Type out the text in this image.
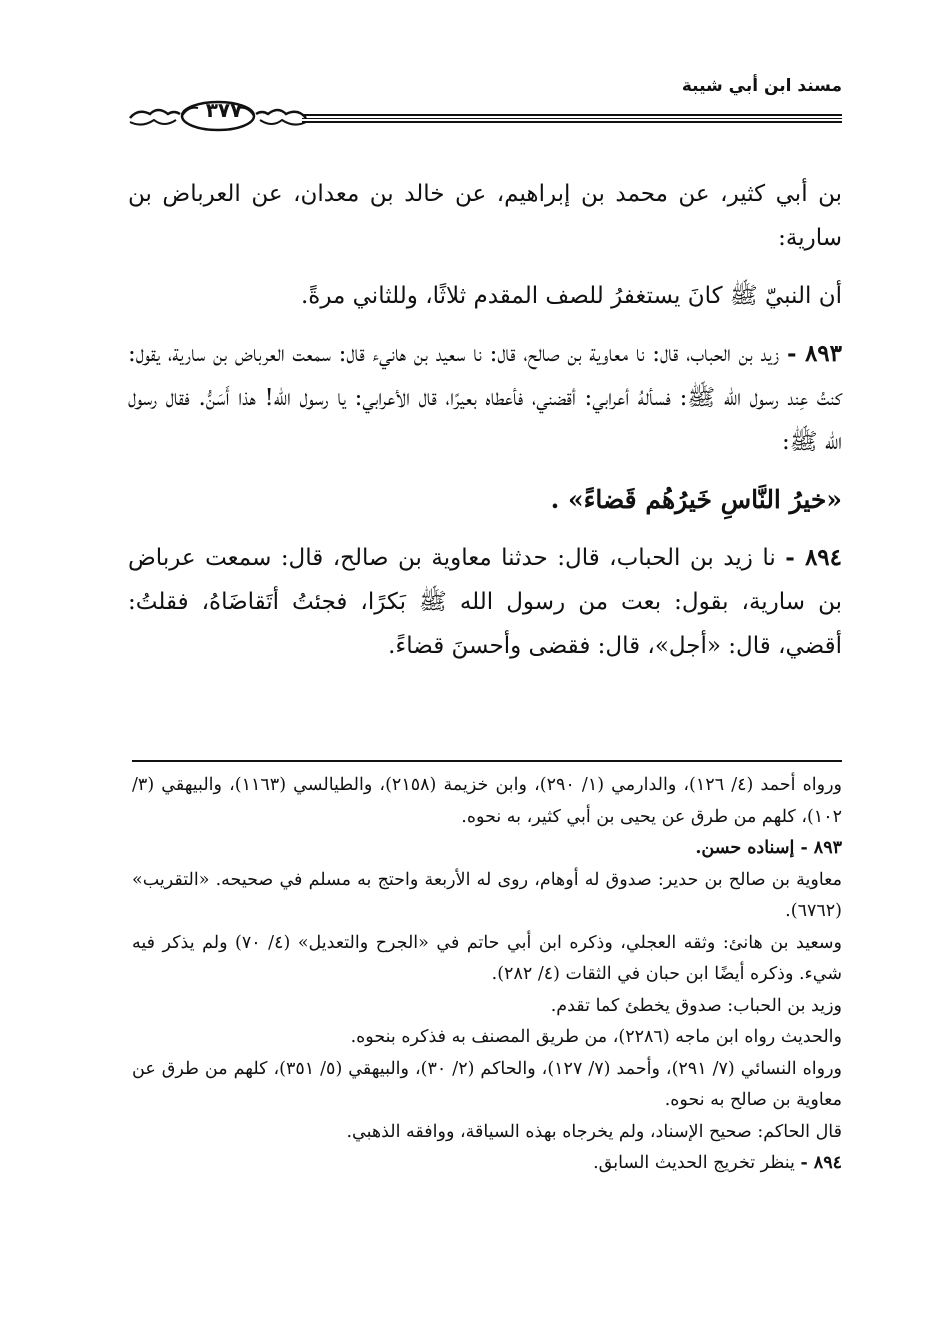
مسند ابن أبي شيبة
٣٧٧

بن أبي كثير، عن محمد بن إبراهيم، عن خالد بن معدان، عن العرباض بن سارية:

أن النبيّ ﷺ كانَ يستغفرُ للصف المقدم ثلاثًا، وللثاني مرةً.

٨٩٣ - زيد بن الحباب، قال: نا معاوية بن صالح، قال: نا سعيد بن هانيء قال: سمعت العرباض بن سارية، يقول: كنتُ عِند رسول الله ﷺ: فسألهُ أعرابي: أقضني، فأعطاه بعيرًا، قال الأعرابي: يا رسول الله! هذا أَسَنُّ. فقال رسول الله ﷺ:

«خيرُ النَّاسِ خَيرُهُم قَضاءً» .

٨٩٤ - نا زيد بن الحباب، قال: حدثنا معاوية بن صالح، قال: سمعت عرباض بن سارية، بقول: بعت من رسول الله ﷺ بَكرًا، فجئتُ أتَقاضَاهُ، فقلتُ: أقضي، قال: «أجل»، قال: فقضى وأحسنَ قضاءً.

ورواه أحمد (٤/ ١٢٦)، والدارمي (١/ ٢٩٠)، وابن خزيمة (٢١٥٨)، والطيالسي (١١٦٣)، والبيهقي (٣/ ١٠٢)، كلهم من طرق عن يحيى بن أبي كثير، به نحوه.

٨٩٣ - إسناده حسن.

معاوية بن صالح بن حدير: صدوق له أوهام، روى له الأربعة واحتج به مسلم في صحيحه. «التقريب» (٦٧٦٢).

وسعيد بن هانئ: وثقه العجلي، وذكره ابن أبي حاتم في «الجرح والتعديل» (٤/ ٧٠) ولم يذكر فيه شيء. وذكره أيضًا ابن حبان في الثقات (٤/ ٢٨٢).

وزيد بن الحباب: صدوق يخطئ كما تقدم.

والحديث رواه ابن ماجه (٢٢٨٦)، من طريق المصنف به فذكره بنحوه.

ورواه النسائي (٧/ ٢٩١)، وأحمد (٧/ ١٢٧)، والحاكم (٢/ ٣٠)، والبيهقي (٥/ ٣٥١)، كلهم من طرق عن معاوية بن صالح به نحوه.

قال الحاكم: صحيح الإسناد، ولم يخرجاه بهذه السياقة، ووافقه الذهبي.

٨٩٤ - ينظر تخريج الحديث السابق.
